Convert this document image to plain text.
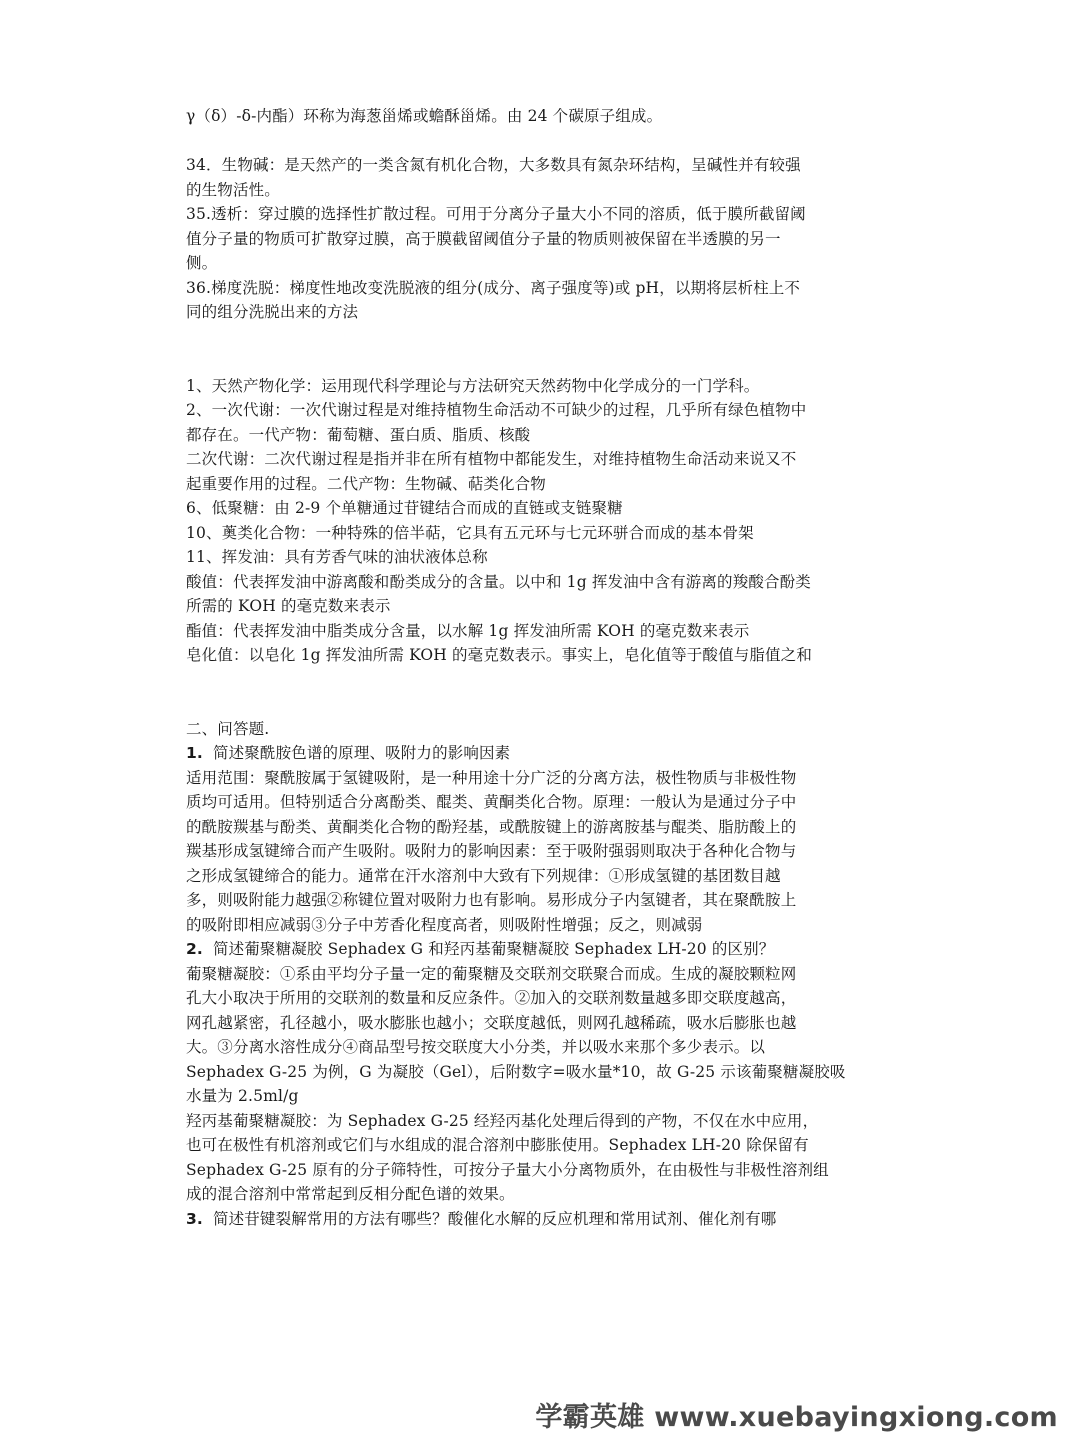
γ（δ）-δ-内酯）环称为海葱甾烯或蟾酥甾烯。由 24 个碳原子组成。
34．生物碱：是天然产的一类含氮有机化合物，大多数具有氮杂环结构，呈碱性并有较强
的生物活性。
35.透析：穿过膜的选择性扩散过程。可用于分离分子量大小不同的溶质，低于膜所截留阈
值分子量的物质可扩散穿过膜，高于膜截留阈值分子量的物质则被保留在半透膜的另一
侧。
36.梯度洗脱：梯度性地改变洗脱液的组分(成分、离子强度等)或 pH，以期将层析柱上不
同的组分洗脱出来的方法
1、天然产物化学：运用现代科学理论与方法研究天然药物中化学成分的一门学科。
2、一次代谢：一次代谢过程是对维持植物生命活动不可缺少的过程，几乎所有绿色植物中
都存在。一代产物：葡萄糖、蛋白质、脂质、核酸
二次代谢：二次代谢过程是指并非在所有植物中都能发生，对维持植物生命活动来说又不
起重要作用的过程。二代产物：生物碱、萜类化合物
6、低聚糖：由 2-9 个单糖通过苷键结合而成的直链或支链聚糖
10、薁类化合物：一种特殊的倍半萜，它具有五元环与七元环骈合而成的基本骨架
11、挥发油：具有芳香气味的油状液体总称
酸值：代表挥发油中游离酸和酚类成分的含量。以中和 1g 挥发油中含有游离的羧酸合酚类
所需的 KOH 的毫克数来表示
酯值：代表挥发油中脂类成分含量，以水解 1g 挥发油所需 KOH 的毫克数来表示
皂化值：以皂化 1g 挥发油所需 KOH 的毫克数表示。事实上，皂化值等于酸值与脂值之和
二、问答题.
1. 简述聚酰胺色谱的原理、吸附力的影响因素
适用范围：聚酰胺属于氢键吸附，是一种用途十分广泛的分离方法，极性物质与非极性物
质均可适用。但特别适合分离酚类、醌类、黄酮类化合物。原理：一般认为是通过分子中
的酰胺羰基与酚类、黄酮类化合物的酚羟基，或酰胺键上的游离胺基与醌类、脂肪酸上的
羰基形成氢键缔合而产生吸附。吸附力的影响因素：至于吸附强弱则取决于各种化合物与
之形成氢键缔合的能力。通常在汗水溶剂中大致有下列规律：①形成氢键的基团数目越
多，则吸附能力越强②称键位置对吸附力也有影响。易形成分子内氢键者，其在聚酰胺上
的吸附即相应减弱③分子中芳香化程度高者，则吸附性增强；反之，则减弱
2. 简述葡聚糖凝胶 Sephadex G 和羟丙基葡聚糖凝胶 Sephadex LH-20 的区别？
葡聚糖凝胶：①系由平均分子量一定的葡聚糖及交联剂交联聚合而成。生成的凝胶颗粒网
孔大小取决于所用的交联剂的数量和反应条件。②加入的交联剂数量越多即交联度越高，
网孔越紧密，孔径越小，吸水膨胀也越小；交联度越低，则网孔越稀疏，吸水后膨胀也越
大。③分离水溶性成分④商品型号按交联度大小分类，并以吸水来那个多少表示。以
Sephadex G-25 为例，G 为凝胶（Gel），后附数字=吸水量*10，故 G-25 示该葡聚糖凝胶吸
水量为 2.5ml/g
羟丙基葡聚糖凝胶：为 Sephadex G-25 经羟丙基化处理后得到的产物，不仅在水中应用，
也可在极性有机溶剂或它们与水组成的混合溶剂中膨胀使用。Sephadex LH-20 除保留有
Sephadex G-25 原有的分子筛特性，可按分子量大小分离物质外，在由极性与非极性溶剂组
成的混合溶剂中常常起到反相分配色谱的效果。
3. 简述苷键裂解常用的方法有哪些？酸催化水解的反应机理和常用试剂、催化剂有哪
学霸英雄 www.xuebayingxiong.com
